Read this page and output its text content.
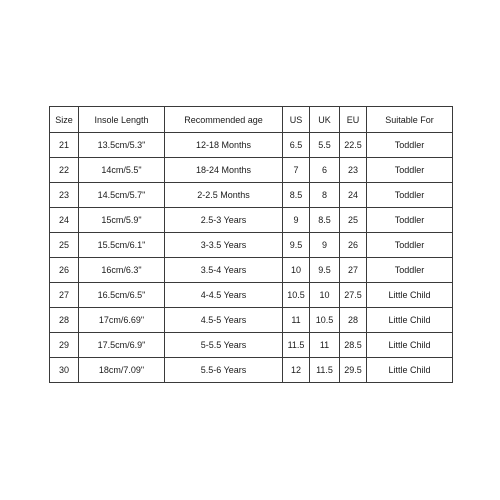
Size	Insole Length	Recommended age	US	UK	EU	Suitable For
21	13.5cm/5.3"	12-18 Months	6.5	5.5	22.5	Toddler
22	14cm/5.5"	18-24 Months	7	6	23	Toddler
23	14.5cm/5.7"	2-2.5 Months	8.5	8	24	Toddler
24	15cm/5.9"	2.5-3 Years	9	8.5	25	Toddler
25	15.5cm/6.1"	3-3.5 Years	9.5	9	26	Toddler
26	16cm/6.3"	3.5-4 Years	10	9.5	27	Toddler
27	16.5cm/6.5"	4-4.5 Years	10.5	10	27.5	Little Child
28	17cm/6.69"	4.5-5 Years	11	10.5	28	Little Child
29	17.5cm/6.9"	5-5.5 Years	11.5	11	28.5	Little Child
30	18cm/7.09"	5.5-6 Years	12	11.5	29.5	Little Child
